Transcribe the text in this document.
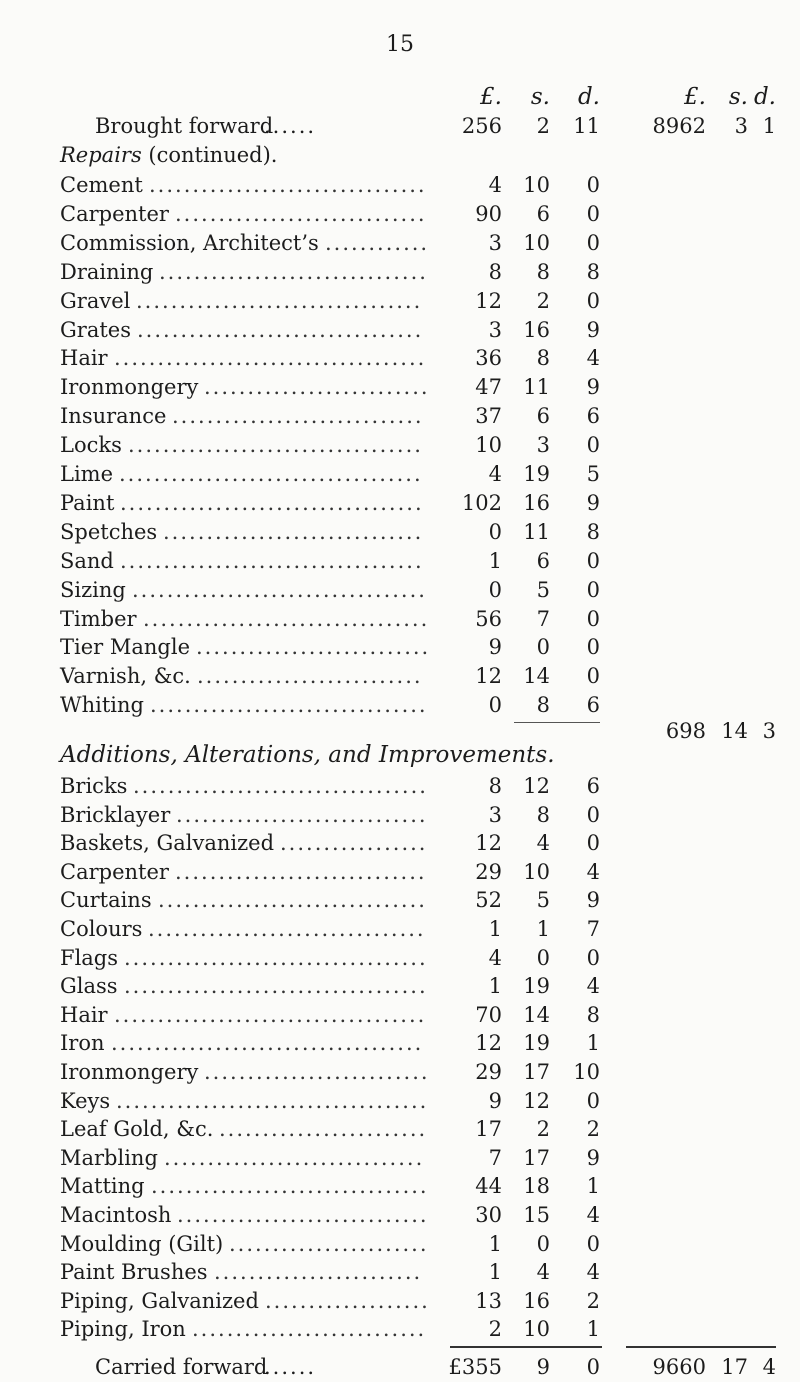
15
£.	s.	d.	£. s. d.
Brought forward
......	256	2	11	8962	3 1
Repairs (continued).
Cement	4	10	0
................................
Carpenter	90	6	0
.............................
Commission, Architect’s	3	10	0
............
Draining	8	8	8
...............................
Gravel	12	2	0
.................................
Grates	3	16	9
.................................
Hair	36	8	4
....................................
Ironmongery	47	11	9
..........................
Insurance	37	6	6
.............................
Locks	10	3	0
..................................
Lime	4	19	5
...................................
Paint	102	16	9
...................................
Spetches	0	11	8
..............................
Sand	1	6	0
...................................
Sizing	0	5	0
..................................
Timber	56	7	0
.................................
Tier Mangle	9	0	0
...........................
Varnish, &c.	12	14	0
..........................
Whiting	0	8	6
................................
698 14 3
Additions, Alterations, and Improvements.
Bricks	8	12	6
..................................
Bricklayer	3	8	0
.............................
Baskets, Galvanized	12	4	0
.................
Carpenter	29	10	4
.............................
Curtains	52	5	9
...............................
Colours	1	1	7
................................
Flags	4	0	0
...................................
Glass	1	19	4
...................................
Hair	70	14	8
....................................
Iron	12	19	1
....................................
Ironmongery	29	17	10
..........................
Keys	9	12	0
....................................
Leaf Gold, &c.	17	2	2
........................
Marbling	7	17	9
..............................
Matting	44	18	1
................................
Macintosh	30	15	4
.............................
Moulding (Gilt)	1	0	0
.......................
Paint Brushes	1	4	4
........................
Piping, Galvanized	13	16	2
...................
Piping, Iron	2	10	1
...........................
Carried forward
......	£355	9	0	9660 17 4
